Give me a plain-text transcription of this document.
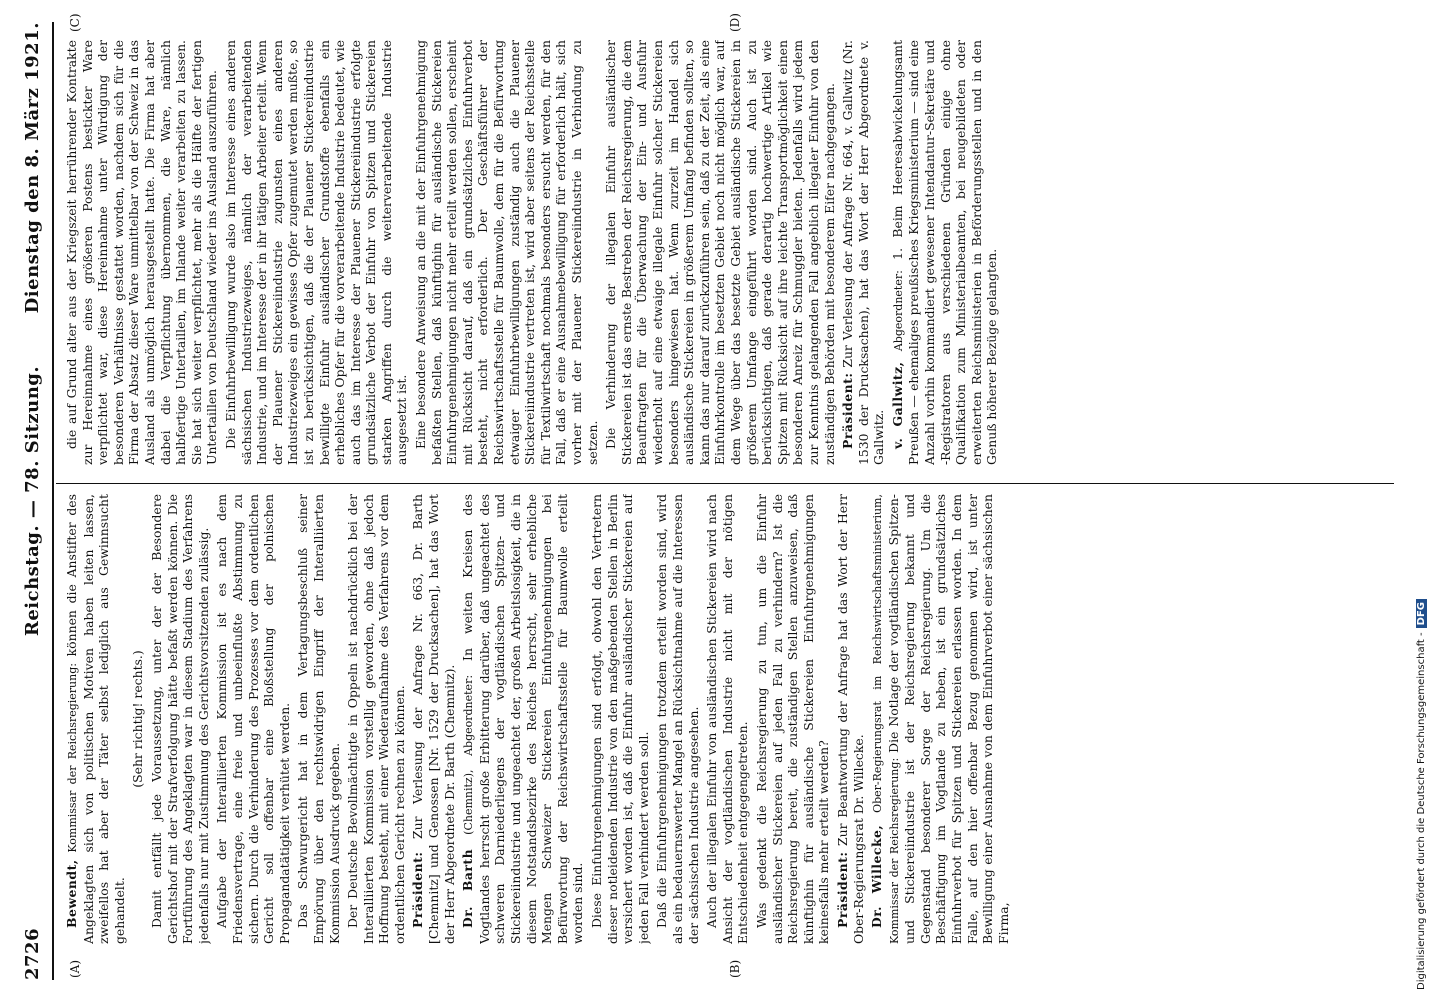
2726
Reichstag. — 78. Sitzung.
Dienstag den 8. März 1921.
(A)	(B)
(C)	(D)

Bewendt, Kommissar der Reichsregierung: können die Anstifter des Angeklagten sich von politischen Motiven haben leiten lassen, zweifellos hat aber der Täter selbst lediglich aus Gewinnsucht gehandelt.

(Sehr richtig! rechts.) Damit entfällt jede Voraussetzung, unter der der Besondere Gerichtshof mit der Strafverfolgung hätte befaßt werden können. Die Fortführung des Angeklagten war in diesem Stadium des Verfahrens jedenfalls nur mit Zustimmung des Gerichtsvorsitzenden zulässig. Aufgabe der Interalliierten Kommission ist es nach dem Friedensvertrage, eine freie und unbeeinflußte Abstimmung zu sichern. Durch die Verhinderung des Prozesses vor dem ordentlichen Gericht soll offenbar eine Bloßstellung der polnischen Propagandatätigkeit verhütet werden. Das Schwurgericht hat in dem Vertagungsbeschluß seiner Empörung über den rechtswidrigen Eingriff der Interalliierten Kommission Ausdruck gegeben. Der Deutsche Bevollmächtigte in Oppeln ist nachdrücklich bei der Interalliierten Kommission vorstellig geworden, ohne daß jedoch Hoffnung besteht, mit einer Wiederaufnahme des Verfahrens vor dem ordentlichen Gericht rechnen zu können. Präsident: Zur Verlesung der Anfrage Nr. 663, Dr. Barth [Chemnitz] und Genossen [Nr. 1529 der Drucksachen], hat das Wort der Herr Abgeordnete Dr. Barth (Chemnitz). Dr. Barth (Chemnitz), Abgeordneter: In weiten Kreisen des Vogtlandes herrscht große Erbitterung darüber, daß ungeachtet des schweren Darniederliegens der vogtländischen Spitzen- und Stickereiindustrie und ungeachtet der, großen Arbeitslosigkeit, die in diesem Notstandsbezirke des Reiches herrscht, sehr erhebliche Mengen Schweizer Stickereien Einfuhrgenehmigungen bei Befürwortung der Reichswirtschaftsstelle für Baumwolle erteilt worden sind. Diese Einfuhrgenehmigungen sind erfolgt, obwohl den Vertretern dieser notleidenden Industrie von den maßgebenden Stellen in Berlin versichert worden ist, daß die Einfuhr ausländischer Stickereien auf jeden Fall verhindert werden soll. Daß die Einfuhrgenehmigungen trotzdem erteilt worden sind, wird als ein bedauernswerter Mangel an Rücksichtnahme auf die Interessen der sächsischen Industrie angesehen. Auch der illegalen Einfuhr von ausländischen Stickereien wird nach Ansicht der vogtländischen Industrie nicht mit der nötigen Entschiedenheit entgegengetreten. Was gedenkt die Reichsregierung zu tun, um die Einfuhr ausländischer Stickereien auf jeden Fall zu verhindern? Ist die Reichsregierung bereit, die zuständigen Stellen anzuweisen, daß künftighin für ausländische Stickereien Einfuhrgenehmigungen keinesfalls mehr erteilt werden? Präsident: Zur Beantwortung der Anfrage hat das Wort der Herr Ober-Regierungsrat Dr. Willecke. Dr. Willecke, Ober-Regierungsrat im Reichswirtschaftsministerium, Kommissar der Reichsregierung: Die Notlage der vogtländischen Spitzen- und Stickereiindustrie ist der Reichsregierung bekannt und Gegenstand besonderer Sorge der Reichsregierung. Um die Beschäftigung im Vogtlande zu heben, ist ein grundsätzliches Einfuhrverbot für Spitzen und Stickereien erlassen worden. In dem Falle, auf den hier offenbar Bezug genommen wird, ist unter Bewilligung einer Ausnahme von dem Einfuhrverbot einer sächsischen Firma,

die auf Grund alter aus der Kriegszeit herrührender Kontrakte zur Hereinnahme eines größeren Postens bestickter Ware verpflichtet war, diese Hereinnahme unter Würdigung der besonderen Verhältnisse gestattet worden, nachdem sich für die Firma der Absatz dieser Ware unmittelbar von der Schweiz in das Ausland als unmöglich herausgestellt hatte. Die Firma hat aber dabei die Verpflichtung übernommen, die Ware, nämlich halbfertige Untertaillen, im Inlande weiter verarbeiten zu lassen. Sie hat sich weiter verpflichtet, mehr als die Hälfte der fertigen Untertaillen von Deutschland wieder ins Ausland auszuführen. Die Einfuhrbewilligung wurde also im Interesse eines anderen sächsischen Industriezweiges, nämlich der verarbeitenden Industrie, und im Interesse der in ihr tätigen Arbeiter erteilt. Wenn der Plauener Stickereiindustrie zugunsten eines anderen Industriezweiges ein gewisses Opfer zugemutet werden mußte, so ist zu berücksichtigen, daß die der Plauener Stickereiindustrie bewilligte Einfuhr ausländischer Grundstoffe ebenfalls ein erhebliches Opfer für die vorverarbeitende Industrie bedeutet, wie auch das im Interesse der Plauener Stickereiindustrie erfolgte grundsätzliche Verbot der Einfuhr von Spitzen und Stickereien starken Angriffen durch die weiterverarbeitende Industrie ausgesetzt ist. Eine besondere Anweisung an die mit der Einfuhrgenehmigung befaßten Stellen, daß künftighin für ausländische Stickereien Einfuhrgenehmigungen nicht mehr erteilt werden sollen, erscheint mit Rücksicht darauf, daß ein grundsätzliches Einfuhrverbot besteht, nicht erforderlich. Der Geschäftsführer der Reichswirtschaftsstelle für Baumwolle, dem für die Befürwortung etwaiger Einfuhrbewilligungen zuständig auch die Plauener Stickereiindustrie vertreten ist, wird aber seitens der Reichsstelle für Textilwirtschaft nochmals besonders ersucht werden, für den Fall, daß er eine Ausnahmebewilligung für erforderlich hält, sich vorher mit der Plauener Stickereiindustrie in Verbindung zu setzen. Die Verhinderung der illegalen Einfuhr ausländischer Stickereien ist das ernste Bestreben der Reichsregierung, die dem Beauftragten für die Überwachung der Ein- und Ausfuhr wiederholt auf eine etwaige illegale Einfuhr solcher Stickereien besonders hingewiesen hat. Wenn zurzeit im Handel sich ausländische Stickereien in größerem Umfang befinden sollten, so kann das nur darauf zurückzuführen sein, daß zu der Zeit, als eine Einfuhrkontrolle im besetzten Gebiet noch nicht möglich war, auf dem Wege über das besetzte Gebiet ausländische Stickereien in größerem Umfange eingeführt worden sind. Auch ist zu berücksichtigen, daß gerade derartig hochwertige Artikel wie Spitzen mit Rücksicht auf ihre leichte Transportmöglichkeit einen besonderen Anreiz für Schmuggler bieten. Jedenfalls wird jedem zur Kenntnis gelangenden Fall angeblich illegaler Einfuhr von den zuständigen Behörden mit besonderem Eifer nachgegangen. Präsident: Zur Verlesung der Anfrage Nr. 664, v. Gallwitz (Nr. 1530 der Drucksachen), hat das Wort der Herr Abgeordnete v. Gallwitz. v. Gallwitz, Abgeordneter: 1. Beim Heeresabwickelungsamt Preußen — ehemaliges preußisches Kriegsministerium — sind eine Anzahl vorhin kommandiert gewesener Intendantur-Sekretäre und -Registratoren aus verschiedenen Gründen einige ohne Qualifikation zum Ministerialbeamten, bei neugebildeten oder erweiterten Reichsministerien in Beförderungsstellen und in den Genuß höherer Bezüge gelangten.

Digitalisierung gefördert durch die Deutsche Forschungsgemeinschaft -DFG
